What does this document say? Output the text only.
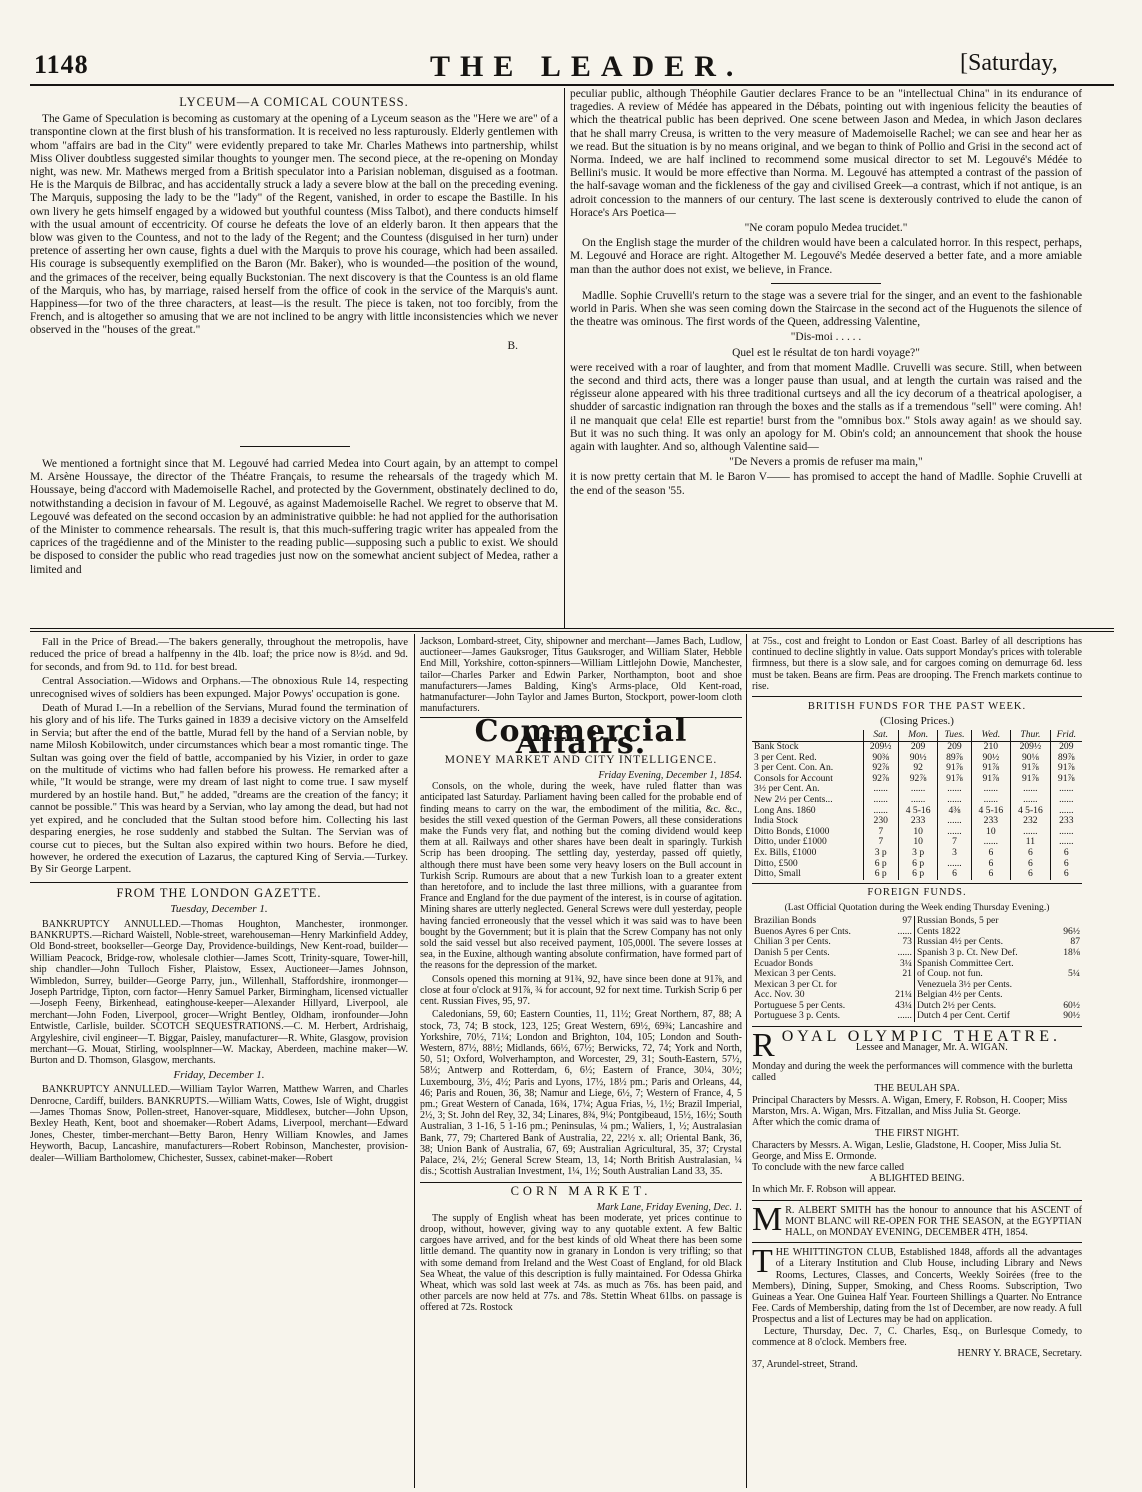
1148	THE LEADER.	[Saturday,
LYCEUM—A COMICAL COUNTESS.

The Game of Speculation is becoming as customary at the opening of a Lyceum season as the "Here we are" of a transpontine clown at the first blush of his transformation. It is received no less rapturously. Elderly gentlemen with whom "affairs are bad in the City" were evidently prepared to take Mr. Charles Mathews into partnership, whilst Miss Oliver doubtless suggested similar thoughts to younger men. The second piece, at the re-opening on Monday night, was new. Mr. Mathews merged from a British speculator into a Parisian nobleman, disguised as a footman. He is the Marquis de Bilbrac, and has accidentally struck a lady a severe blow at the ball on the preceding evening. The Marquis, supposing the lady to be the "lady" of the Regent, vanished, in order to escape the Bastille. In his own livery he gets himself engaged by a widowed but youthful countess (Miss Talbot), and there conducts himself with the usual amount of eccentricity. Of course he defeats the love of an elderly baron. It then appears that the blow was given to the Countess, and not to the lady of the Regent; and the Countess (disguised in her turn) under pretence of asserting her own cause, fights a duel with the Marquis to prove his courage, which had been assailed. His courage is subsequently exemplified on the Baron (Mr. Baker), who is wounded—the position of the wound, and the grimaces of the receiver, being equally Buckstonian. The next discovery is that the Countess is an old flame of the Marquis, who has, by marriage, raised herself from the office of cook in the service of the Marquis's aunt. Happiness—for two of the three characters, at least—is the result. The piece is taken, not too forcibly, from the French, and is altogether so amusing that we are not inclined to be angry with little inconsistencies which we never observed in the "houses of the great."

B.

We mentioned a fortnight since that M. Legouvé had carried Medea into Court again, by an attempt to compel M. Arsène Houssaye, the director of the Théatre Français, to resume the rehearsals of the tragedy which M. Houssaye, being d'accord with Mademoiselle Rachel, and protected by the Government, obstinately declined to do, notwithstanding a decision in favour of M. Legouvé, as against Mademoiselle Rachel. We regret to observe that M. Legouvé was defeated on the second occasion by an administrative quibble: he had not applied for the authorisation of the Minister to commence rehearsals. The result is, that this much-suffering tragic writer has appealed from the caprices of the tragédienne and of the Minister to the reading public—supposing such a public to exist. We should be disposed to consider the public who read tragedies just now on the somewhat ancient subject of Medea, rather a limited and

peculiar public, although Théophile Gautier declares France to be an "intellectual China" in its endurance of tragedies. A review of Médée has appeared in the Débats, pointing out with ingenious felicity the beauties of which the theatrical public has been deprived. One scene between Jason and Medea, in which Jason declares that he shall marry Creusa, is written to the very measure of Mademoiselle Rachel; we can see and hear her as we read. But the situation is by no means original, and we began to think of Pollio and Grisi in the second act of Norma. Indeed, we are half inclined to recommend some musical director to set M. Legouvé's Médée to Bellini's music. It would be more effective than Norma. M. Legouvé has attempted a contrast of the passion of the half-savage woman and the fickleness of the gay and civilised Greek—a contrast, which if not antique, is an adroit concession to the manners of our century. The last scene is dexterously contrived to elude the canon of Horace's Ars Poetica—

"Ne coram populo Medea trucidet."

On the English stage the murder of the children would have been a calculated horror. In this respect, perhaps, M. Legouvé and Horace are right. Altogether M. Legouvé's Medée deserved a better fate, and a more amiable man than the author does not exist, we believe, in France.

Madlle. Sophie Cruvelli's return to the stage was a severe trial for the singer, and an event to the fashionable world in Paris. When she was seen coming down the Staircase in the second act of the Huguenots the silence of the theatre was ominous. The first words of the Queen, addressing Valentine,

"Dis-moi . . . . .
Quel est le résultat de ton hardi voyage?"

were received with a roar of laughter, and from that moment Madlle. Cruvelli was secure. Still, when between the second and third acts, there was a longer pause than usual, and at length the curtain was raised and the régisseur alone appeared with his three traditional curtseys and all the icy decorum of a theatrical apologiser, a shudder of sarcastic indignation ran through the boxes and the stalls as if a tremendous "sell" were coming. Ah! il ne manquait que cela! Elle est repartie! burst from the "omnibus box." Stols away again! as we should say. But it was no such thing. It was only an apology for M. Obin's cold; an announcement that shook the house again with laughter. And so, although Valentine said—

"De Nevers a promis de refuser ma main,"

it is now pretty certain that M. le Baron V—— has promised to accept the hand of Madlle. Sophie Cruvelli at the end of the season '55.

Fall in the Price of Bread.—The bakers generally, throughout the metropolis, have reduced the price of bread a halfpenny in the 4lb. loaf; the price now is 8½d. and 9d. for seconds, and from 9d. to 11d. for best bread.

Central Association.—Widows and Orphans.—The obnoxious Rule 14, respecting unrecognised wives of soldiers has been expunged. Major Powys' occupation is gone.

Death of Murad I.—In a rebellion of the Servians, Murad found the termination of his glory and of his life. The Turks gained in 1839 a decisive victory on the Amselfeld in Servia; but after the end of the battle, Murad fell by the hand of a Servian noble, by name Milosh Kobilowitch, under circumstances which bear a most romantic tinge. The Sultan was going over the field of battle, accompanied by his Vizier, in order to gaze on the multitude of victims who had fallen before his prowess. He remarked after a while, "It would be strange, were my dream of last night to come true. I saw myself murdered by an hostile hand. But," he added, "dreams are the creation of the fancy; it cannot be possible." This was heard by a Servian, who lay among the dead, but had not yet expired, and he concluded that the Sultan stood before him. Collecting his last desparing energies, he rose suddenly and stabbed the Sultan. The Servian was of course cut to pieces, but the Sultan also expired within two hours. Before he died, however, he ordered the execution of Lazarus, the captured King of Servia.—Turkey. By Sir George Larpent.

FROM THE LONDON GAZETTE.
Tuesday, December 1.

BANKRUPTCY ANNULLED.—Thomas Houghton, Manchester, ironmonger. BANKRUPTS.—Richard Waistell, Noble-street, warehouseman—Henry Markinfield Addey, Old Bond-street, bookseller—George Day, Providence-buildings, New Kent-road, builder—William Peacock, Bridge-row, wholesale clothier—James Scott, Trinity-square, Tower-hill, ship chandler—John Tulloch Fisher, Plaistow, Essex, Auctioneer—James Johnson, Wimbledon, Surrey, builder—George Parry, jun., Willenhall, Staffordshire, ironmonger—Joseph Partridge, Tipton, corn factor—Henry Samuel Parker, Birmingham, licensed victualler—Joseph Feeny, Birkenhead, eatinghouse-keeper—Alexander Hillyard, Liverpool, ale merchant—John Foden, Liverpool, grocer—Wright Bentley, Oldham, ironfounder—John Entwistle, Carlisle, builder. SCOTCH SEQUESTRATIONS.—C. M. Herbert, Ardrishaig, Argyleshire, civil engineer—T. Biggar, Paisley, manufacturer—R. White, Glasgow, provision merchant—G. Mouat, Stirling, woolsplnner—W. Mackay, Aberdeen, machine maker—W. Burton and D. Thomson, Glasgow, merchants.

Friday, December 1.

BANKRUPTCY ANNULLED.—William Taylor Warren, Matthew Warren, and Charles Denrocne, Cardiff, builders. BANKRUPTS.—William Watts, Cowes, Isle of Wight, druggist—James Thomas Snow, Pollen-street, Hanover-square, Middlesex, butcher—John Upson, Bexley Heath, Kent, boot and shoemaker—Robert Adams, Liverpool, merchant—Edward Jones, Chester, timber-merchant—Betty Baron, Henry William Knowles, and James Heyworth, Bacup, Lancashire, manufacturers—Robert Robinson, Manchester, provision-dealer—William Bartholomew, Chichester, Sussex, cabinet-maker—Robert

Jackson, Lombard-street, City, shipowner and merchant—James Bach, Ludlow, auctioneer—James Gauksroger, Titus Gauksroger, and William Slater, Hebble End Mill, Yorkshire, cotton-spinners—William Littlejohn Dowie, Manchester, tailor—Charles Parker and Edwin Parker, Northampton, boot and shoe manufacturers—James Balding, King's Arms-place, Old Kent-road, hatmanufacturer—John Taylor and James Burton, Stockport, power-loom cloth manufacturers.

Commercial Affairs.
MONEY MARKET AND CITY INTELLIGENCE.
Friday Evening, December 1, 1854.

Consols, on the whole, during the week, have ruled flatter than was anticipated last Saturday. Parliament having been called for the probable end of finding means to carry on the war, the embodiment of the militia, &c. &c., besides the still vexed question of the German Powers, all these considerations make the Funds very flat, and nothing but the coming dividend would keep them at all. Railways and other shares have been dealt in sparingly. Turkish Scrip has been drooping. The settling day, yesterday, passed off quietly, although there must have been some very heavy losers on the Bull account in Turkish Scrip. Rumours are about that a new Turkish loan to a greater extent than heretofore, and to include the last three millions, with a guarantee from France and England for the due payment of the interest, is in course of agitation. Mining shares are utterly neglected. General Screws were dull yesterday, people having fancied erroneously that the vessel which it was said was to have been bought by the Government; but it is plain that the Screw Company has not only sold the said vessel but also received payment, 105,000l. The severe losses at sea, in the Euxine, although wanting absolute confirmation, have formed part of the reasons for the depression of the market.

Consols opened this morning at 91¾, 92, have since been done at 91⅞, and close at four o'clock at 91⅞, ¾ for account, 92 for next time. Turkish Scrip 6 per cent. Russian Fives, 95, 97.

Caledonians, 59, 60; Eastern Counties, 11, 11½; Great Northern, 87, 88; A stock, 73, 74; B stock, 123, 125; Great Western, 69½, 69¾; Lancashire and Yorkshire, 70½, 71¼; London and Brighton, 104, 105; London and South-Western, 87½, 88½; Midlands, 66½, 67½; Berwicks, 72, 74; York and North, 50, 51; Oxford, Wolverhampton, and Worcester, 29, 31; South-Eastern, 57½, 58½; Antwerp and Rotterdam, 6, 6½; Eastern of France, 30¼, 30½; Luxembourg, 3½, 4½; Paris and Lyons, 17½, 18½ pm.; Paris and Orleans, 44, 46; Paris and Rouen, 36, 38; Namur and Liege, 6½, 7; Western of France, 4, 5 pm.; Great Western of Canada, 16¾, 17¼; Agua Frias, ½, 1½; Brazil Imperial, 2½, 3; St. John del Rey, 32, 34; Linares, 8¾, 9¼; Pontgibeaud, 15½, 16½; South Australian, 3 1-16, 5 1-16 pm.; Peninsulas, ¼ pm.; Waliers, 1, ½; Australasian Bank, 77, 79; Chartered Bank of Australia, 22, 22½ x. all; Oriental Bank, 36, 38; Union Bank of Australia, 67, 69; Australian Agricultural, 35, 37; Crystal Palace, 2¼, 2½; General Screw Steam, 13, 14; North British Australasian, ¼ dis.; Scottish Australian Investment, 1¼, 1½; South Australian Land 33, 35.

CORN MARKET.
Mark Lane, Friday Evening, Dec. 1.

The supply of English wheat has been moderate, yet prices continue to droop, without, however, giving way to any quotable extent. A few Baltic cargoes have arrived, and for the best kinds of old Wheat there has been some little demand. The quantity now in granary in London is very trifling; so that with some demand from Ireland and the West Coast of England, for old Black Sea Wheat, the value of this description is fully maintained. For Odessa Ghirka Wheat, which was sold last week at 74s. as much as 76s. has been paid, and other parcels are now held at 77s. and 78s. Stettin Wheat 61lbs. on passage is offered at 72s. Rostock

at 75s., cost and freight to London or East Coast. Barley of all descriptions has continued to decline slightly in value. Oats support Monday's prices with tolerable firmness, but there is a slow sale, and for cargoes coming on demurrage 6d. less must be taken. Beans are firm. Peas are drooping. The French markets continue to rise.

BRITISH FUNDS FOR THE PAST WEEK.
(Closing Prices.)
	Sat.	Mon.	Tues.	Wed.	Thur.	Frid.
Bank Stock	209½	209	209	210	209½	209
3 per Cent. Red.	90⅜	90½	89⅞	90½	90⅛	89⅞
3 per Cent. Con. An.	92⅞	92	91⅞	91⅞	91⅞	91⅞
Consols for Account	92⅞	92⅞	91⅞	91⅞	91⅞	91⅞
3½ per Cent. An.	......	......	......	......	......	......
New 2½ per Cents...	......	......	......	......	......	......
Long Ans. 1860	......	4 5-16	4⅜	4 5-16	4 5-16	......
India Stock	230	233	......	233	232	233
Ditto Bonds, £1000	7	10	......	10	......	......
Ditto, under £1000	7	10	7	......	11	......
Ex. Bills, £1000	3 p	3 p	3	6	6	6
Ditto, £500	6 p	6 p	......	6	6	6
Ditto, Small	6 p	6 p	6	6	6	6
FOREIGN FUNDS.
(Last Official Quotation during the Week ending Thursday Evening.)
Brazilian Bonds	97	Russian Bonds, 5 per	
Buenos Ayres 6 per Cnts.	......	Cents 1822	96½
Chilian 3 per Cents.	73	Russian 4½ per Cents.	87
Danish 5 per Cents.	......	Spanish 3 p. Ct. New Def.	18⅛
Ecuador Bonds	3¼	Spanish Committee Cert.	
Mexican 3 per Cents.	21	of Coup. not fun.	5¼
Mexican 3 per Ct. for		Venezuela 3½ per Cents.	
Acc. Nov. 30	21¼	Belgian 4½ per Cents.	
Portuguese 5 per Cents.	43¼	Dutch 2½ per Cents.	60½
Portuguese 3 p. Cents.	......	Dutch 4 per Cent. Certif	90½
ROYAL OLYMPIC THEATRE.
Lessee and Manager, Mr. A. WIGAN.
Monday and during the week the performances will commence with the burletta called
THE BEULAH SPA.
Principal Characters by Messrs. A. Wigan, Emery, F. Robson, H. Cooper; Miss Marston, Mrs. A. Wigan, Mrs. Fitzallan, and Miss Julia St. George.
After which the comic drama of
THE FIRST NIGHT.
Characters by Messrs. A. Wigan, Leslie, Gladstone, H. Cooper, Miss Julia St. George, and Miss E. Ormonde.
To conclude with the new farce called
A BLIGHTED BEING.
In which Mr. F. Robson will appear.
M R. ALBERT SMITH has the honour to announce that his ASCENT of MONT BLANC will RE-OPEN FOR THE SEASON, at the EGYPTIAN HALL, on MONDAY EVENING, DECEMBER 4TH, 1854.
THE WHITTINGTON CLUB, Established 1848, affords all the advantages of a Literary Institution and Club House, including Library and News Rooms, Lectures, Classes, and Concerts, Weekly Soirées (free to the Members), Dining, Supper, Smoking, and Chess Rooms. Subscription, Two Guineas a Year. One Guinea Half Year. Fourteen Shillings a Quarter. No Entrance Fee. Cards of Membership, dating from the 1st of December, are now ready. A full Prospectus and a list of Lectures may be had on application.
Lecture, Thursday, Dec. 7, C. Charles, Esq., on Burlesque Comedy, to commence at 8 o'clock. Members free.
HENRY Y. BRACE, Secretary.
37, Arundel-street, Strand.
